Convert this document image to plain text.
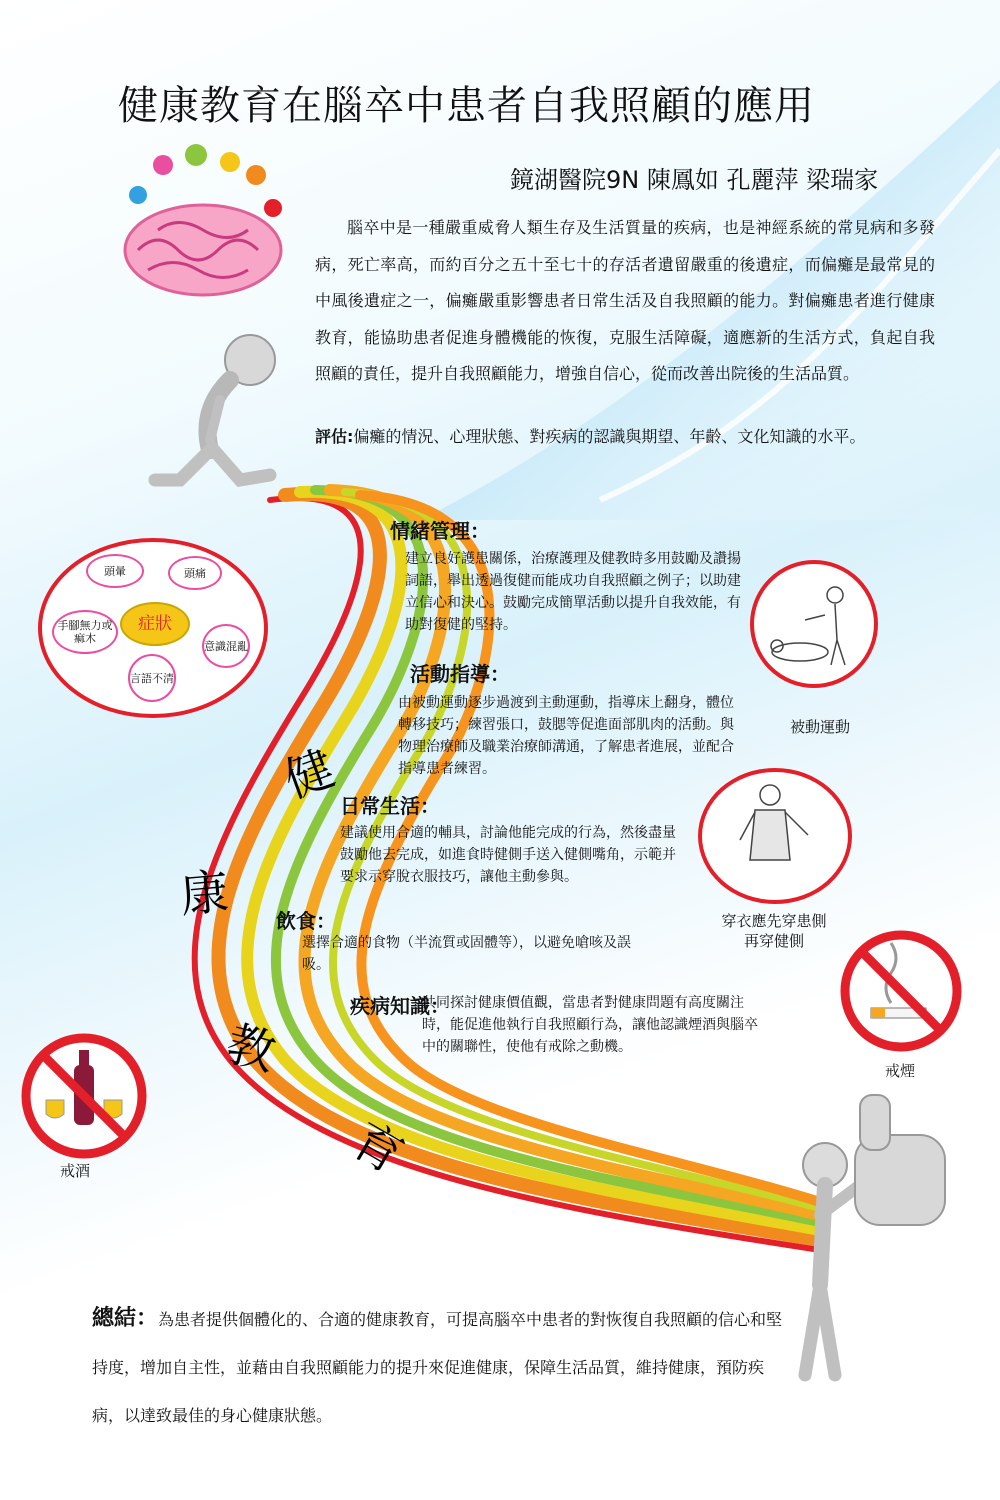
健康教育在腦卒中患者自我照顧的應用
鏡湖醫院9N 陳鳳如 孔麗萍 梁瑞家

腦卒中是一種嚴重威脅人類生存及生活質量的疾病，也是神經系統的常見病和多發病，死亡率高，而約百分之五十至七十的存活者遺留嚴重的後遺症，而偏癱是最常見的中風後遺症之一，偏癱嚴重影響患者日常生活及自我照顧的能力。對偏癱患者進行健康教育，能協助患者促進身體機能的恢復，克服生活障礙，適應新的生活方式，負起自我照顧的責任，提升自我照顧能力，增強自信心，從而改善出院後的生活品質。

評估:偏癱的情況、心理狀態、對疾病的認識與期望、年齡、文化知識的水平。
症狀
頭暈	頭痛
手腳無力或痲木
意識混亂
言語不清
情緒管理：
建立良好護患關係，治療護理及健教時多用鼓勵及讚揚詞語，舉出透過復健而能成功自我照顧之例子；以助建立信心和決心。鼓勵完成簡單活動以提升自我效能，有助對復健的堅持。
活動指導：
由被動運動逐步過渡到主動運動，指導床上翻身，體位轉移技巧；練習張口，鼓腮等促進面部肌肉的活動。與物理治療師及職業治療師溝通，了解患者進展，並配合指導患者練習。
日常生活：
建議使用合適的輔具，討論他能完成的行為，然後盡量鼓勵他去完成，如進食時健側手送入健側嘴角，示範并要求示穿脫衣服技巧，讓他主動參與。
飲食：
選擇合適的食物（半流質或固體等），以避免嗆咳及誤吸。
疾病知識：
共同探討健康價值觀，當患者對健康問題有高度關注時，能促進他執行自我照顧行為，讓他認識煙酒與腦卒中的關聯性，使他有戒除之動機。
健
康
教
育
被動運動
穿衣應先穿患側
再穿健側
戒煙
戒酒
總結：為患者提供個體化的、合適的健康教育，可提高腦卒中患者的對恢復自我照顧的信心和堅持度，增加自主性，並藉由自我照顧能力的提升來促進健康，保障生活品質，維持健康，預防疾病，以達致最佳的身心健康狀態。
